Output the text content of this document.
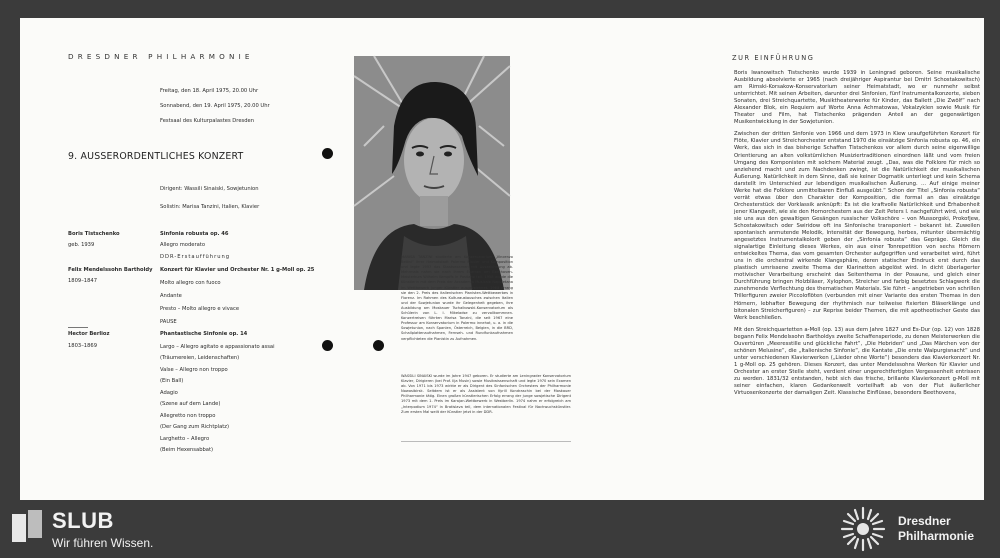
DRESDNER PHILHARMONIE
Freitag, den 18. April 1975, 20.00 Uhr
Sonnabend, den 19. April 1975, 20.00 Uhr
Festsaal des Kulturpalastes Dresden
9. AUSSERORDENTLICHES KONZERT
Dirigent: Wassili Sinaiski, Sowjetunion
Solistin: Marisa Tanzini, Italien, Klavier
Boris Tistschenko
geb. 1939
Sinfonia robusta op. 46
Allegro moderato
DDR-Erstaufführung
Felix Mendelssohn Bartholdy
1809–1847
Konzert für Klavier und Orchester Nr. 1 g-Moll op. 25
Molto allegro con fuoco
Andante
Presto – Molto allegro e vivace
PAUSE
Hector Berlioz
1803–1869
Phantastische Sinfonie op. 14
Largo – Allegro agitato e appassionato assai
(Träumereien, Leidenschaften)
Valse – Allegro non troppo
(Ein Ball)
Adagio
(Szene auf dem Lande)
Allegretto non troppo
(Der Gang zum Richtplatz)
Larghetto – Allegro
(Beim Hexensabbat)
MARISA TANZINI studierte am Konservatorium „Vincenzo Bellini“ ihrer Heimatstadt Palermo Klavier und Komposition und legte 1957 das Staatsexamen mit Auszeichnung ab. Mehrmals nahm sie nach ihrem Examen am Beethoven-Meisterkurs Wilhelm Kempffs in Positano teil. 1958 wurde die Künstlerin mit dem Preis der Accademia Musicale Napoletana im Wettbewerb junger Künstler ausgezeichnet. 1968 errang sie den 2. Preis des italienischen Pianisten-Wettbewerbes in Florenz. Im Rahmen des Kulturaustausches zwischen Italien und der Sowjetunion wurde ihr Gelegenheit gegeben, ihre Ausbildung am Moskauer Tschaikowski-Konservatorium als Schülerin von L. I. Mikeladse zu vervollkommnen. Konzertreisen führten Marisa Tanzini, die seit 1967 eine Professur am Konservatorium in Palermo innehat, u. a. in die Sowjetunion, nach Spanien, Österreich, Belgien, in die BRD, Schallplattenaufnahmen, Fernseh- und Rundfunkaufnahmen verpflichteten die Pianistin zu Aufnahmen.
WASSILI SINAISKI wurde im Jahre 1947 geboren. Er studierte am Leningrader Konservatorium Klavier, Dirigieren (bei Prof. Ilja Musin) sowie Musikwissenschaft und legte 1970 sein Examen ab. Von 1971 bis 1973 wirkte er als Dirigent des Sinfonischen Orchesters der Philharmonie Nowosibirsk. Seitdem ist er als Assistent von Kyrill Kondraschin bei der Moskauer Philharmonie tätig. Einen großen künstlerischen Erfolg errang der junge sowjetische Dirigent 1973 mit dem 1. Preis im Karajan-Wettbewerb in Westberlin. 1974 nahm er erfolgreich am „Interpodium 1974“ in Bratislava teil, dem internationalen Festival für Nachwuchskünstler. Zum ersten Mal weilt der Künstler jetzt in der DDR.
ZUR EINFÜHRUNG

Boris Iwanowitsch Tistschenko wurde 1939 in Leningrad geboren. Seine musikalische Ausbildung absolvierte er 1965 (nach dreijähriger Aspirantur bei Dmitri Schostakowitsch) am Rimski-Korsakow-Konservatorium seiner Heimatstadt, wo er nunmehr selbst unterrichtet. Mit seinen Arbeiten, darunter drei Sinfonien, fünf Instrumentalkonzerte, sieben Sonaten, drei Streichquartette, Musiktheaterwerke für Kinder, das Ballett „Die Zwölf“ nach Alexander Blok, ein Requiem auf Worte Anna Achmatowas, Vokalzyklen sowie Musik für Theater und Film, hat Tistschenko prägenden Anteil an der gegenwärtigen Musikentwicklung in der Sowjetunion.

Zwischen der dritten Sinfonie von 1966 und dem 1973 in Kiew uraufgeführten Konzert für Flöte, Klavier und Streichorchester entstand 1970 die einsätzige Sinfonia robusta op. 46, ein Werk, das sich in das bisherige Schaffen Tistschenkos vor allem durch seine eigenwillige Orientierung an alten volkstümlichen Musiziertraditionen einordnen läßt und vom freien Umgang des Komponisten mit solchem Material zeugt. „Das, was die Folklore für mich so anziehend macht und zum Nachdenken zwingt, ist die Natürlichkeit der musikalischen Äußerung. Natürlichkeit in dem Sinne, daß sie keiner Dogmatik unterliegt und kein Schema darstellt im Unterschied zur lebendigen musikalischen Äußerung. ... Auf einige meiner Werke hat die Folklore unmittelbaren Einfluß ausgeübt.“ Schon der Titel „Sinfonia robusta“ verrät etwas über den Charakter der Komposition, die formal an das einsätzige Orchesterstück der Vorklassik anknüpft: Es ist die kraftvolle Natürlichkeit und Erhabenheit jener Klangwelt, wie sie den Hornorchestern aus der Zeit Peters I. nachgeführt wird, und wie sie uns aus den gewaltigen Gesängen russischer Volkschöre – von Mussorgski, Prokofjew, Schostakowitsch oder Swiridow oft ins Sinfonische transponiert – bekannt ist. Zuweilen spontanisch anmutende Melodik, Intensität der Bewegung, herbes, mitunter übermächtig angesetztes Instrumentalkolorit geben der „Sinfonia robusta“ das Gepräge. Gleich die signalartige Einleitung dieses Werkes, ein aus einer Tonrepetition von sechs Hörnern entwickeltes Thema, das vom gesamten Orchester aufgegriffen und verarbeitet wird, führt uns in die orchestral wirkende Klangsphäre, deren statischer Eindruck erst durch das plastisch umrissene zweite Thema der Klarinetten abgelöst wird. In dicht überlagerter motivischer Verarbeitung erscheint das Seitenthema in der Posaune, und gleich einer Durchführung bringen Holzbläser, Xylophon, Streicher und farbig besetztes Schlagwerk die zunehmende Verflechtung des thematischen Materials. Sie führt – angetrieben von schrillen Trillerfiguren zweier Piccoloflöten (verbunden mit einer Variante des ersten Themas in den Hörnern, lebhafter Bewegung der rhythmisch nur teilweise fixierten Bläserklänge und bitonalen Streicherfiguren) – zur Reprise beider Themen, die mit apotheotischer Geste das Werk beschließen.

Mit den Streichquartetten a-Moll (op. 13) aus dem Jahre 1827 und Es-Dur (op. 12) von 1828 begann Felix Mendelssohn Bartholdys zweite Schaffensperiode, zu denen Meisterwerken die Ouvertüren „Meeresstille und glückliche Fahrt“, „Die Hebriden“ und „Das Märchen von der schönen Melusine“, die „Italienische Sinfonie“, die Kantate „Die erste Walpurgisnacht“ und unter verschiedenen Klavierwerken („Lieder ohne Worte“) besonders das Klavierkonzert Nr. 1 g-Moll op. 25 gehören. Dieses Konzert, das unter Mendelssohns Werken für Klavier und Orchester an erster Stelle steht, verdient einer ungerechtfertigten Vergessenheit entrissen zu werden. 1831/32 entstanden, hebt sich das frische, brillante Klavierkonzert g-Moll mit seiner einfachen, klaren Gedankenwelt vorteilhaft ab von der Flut äußerlicher Virtuosenkonzerte der damaligen Zeit. Klassische Einflüsse, besonders Beethovens,

SLUB
Wir führen Wissen.
Dresdner
Philharmonie
